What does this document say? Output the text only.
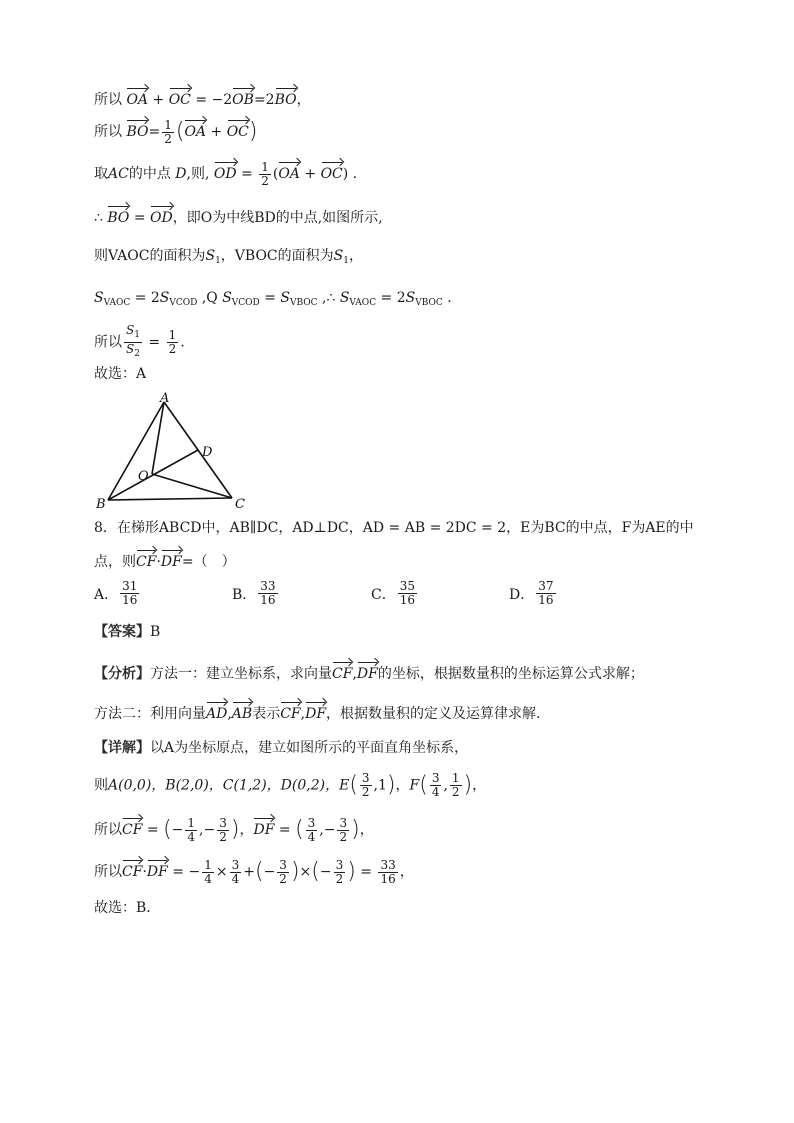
所以 OA + OC = −2OB=2BO，
所以 $BO= \frac{1}{2} (OA + OC)$
取AC的中点 D,则, OD = $\frac{1}{2} (OA + OC)$ .
∴ BO = OD，即O为中线BD的中点,如图所示,
则VAOC的面积为$S_1$，VBOC的面积为$S_1$，
$S_{VAOC} = 2S_{VCOD}$ ,Q $S_{VCOD} = S_{VBOC}$ ,∴ $S_{VAOC} = 2S_{VBOC}$ .
所以 $\frac{S_1}{S_2} = \frac{1}{2}$ .
故选：A
A
B	C
D
O
8．在梯形ABCD中，AB∥DC，AD⊥DC，AD = AB = 2DC = 2，E为BC的中点，F为AE的中
点，则CF·DF=（　）
A． $\frac{31}{16}$	B． $\frac{33}{16}$	C． $\frac{35}{16}$	D． $\frac{37}{16}$
【答案】B
【分析】方法一：建立坐标系，求向量CF,DF的坐标，根据数量积的坐标运算公式求解；
方法二：利用向量AD,AB表示CF,DF，根据数量积的定义及运算律求解.
【详解】以A为坐标原点，建立如图所示的平面直角坐标系，
则A(0,0)，B(2,0)，C(1,2)，D(0,2)，$E( \frac{3}{2} ,1)$，$F( \frac{3}{4}$ , $\frac{1}{2}$ )，
所以CF = (− $\frac{1}{4}$ ,− $\frac{3}{2}$ )，DF = ( $\frac{3}{4}$ ,− $\frac{3}{2}$ )，
所以CF·DF = − $\frac{1}{4} \times \frac{3}{4}$ +(− $\frac{3}{2}$ )×(− $\frac{3}{2}$ ) = $\frac{33}{16}$ ，
故选：B．
